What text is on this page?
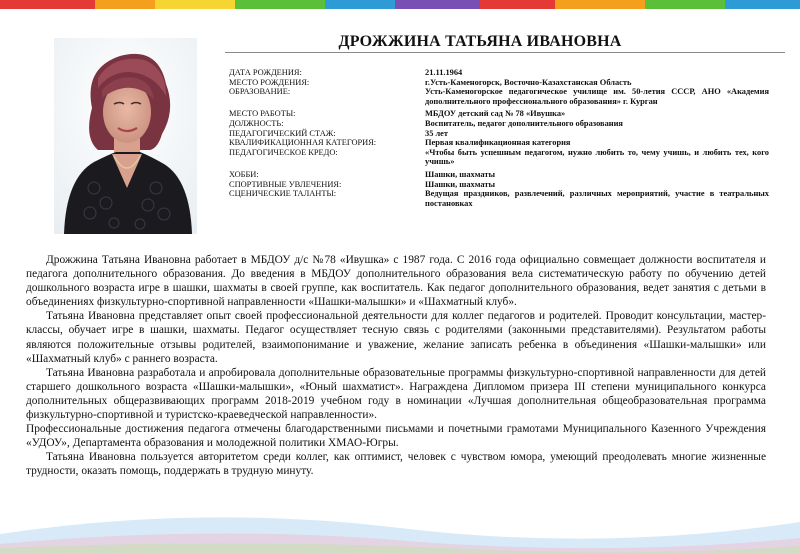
ДРОЖЖИНА ТАТЬЯНА ИВАНОВНА
ДАТА РОЖДЕНИЯ:	21.11.1964
МЕСТО РОЖДЕНИЯ:	г.Усть-Каменогорск, Восточно-Казахстанская Область
ОБРАЗОВАНИЕ:	Усть-Каменогорское педагогическое училище им. 50-летия СССР, АНО «Академия дополнительного профессионального образования» г. Курган
МЕСТО РАБОТЫ:	МБДОУ детский сад № 78 «Ивушка»
ДОЛЖНОСТЬ:	Воспитатель, педагог дополнительного образования
ПЕДАГОГИЧЕСКИЙ СТАЖ:	35 лет
КВАЛИФИКАЦИОННАЯ КАТЕГОРИЯ:	Первая квалификационная категория
ПЕДАГОГИЧЕСКОЕ КРЕДО:	«Чтобы быть успешным педагогом, нужно любить то, чему учишь, и любить тех, кого учишь»
ХОББИ:	Шашки, шахматы
СПОРТИВНЫЕ УВЛЕЧЕНИЯ:	Шашки, шахматы
СЦЕНИЧЕСКИЕ ТАЛАНТЫ:	Ведущая праздников, развлечений, различных мероприятий, участие в театральных постановках

Дрожжина Татьяна Ивановна работает в МБДОУ д/с №78 «Ивушка» с 1987 года. С 2016 года официально совмещает должности воспитателя и педагога дополнительного образования. До введения в МБДОУ дополнительного образования вела систематическую работу по обучению детей дошкольного возраста игре в шашки, шахматы в своей группе, как воспитатель. Как педагог дополнительного образования, ведет занятия с детьми в объединениях физкультурно-спортивной направленности «Шашки-малышки» и «Шахматный клуб».

Татьяна Ивановна представляет опыт своей профессиональной деятельности для коллег педагогов и родителей. Проводит консультации, мастер-классы, обучает игре в шашки, шахматы. Педагог осуществляет тесную связь с родителями (законными представителями). Результатом работы являются положительные отзывы родителей, взаимопонимание и уважение, желание записать ребенка в объединения «Шашки-малышки» или «Шахматный клуб» с раннего возраста.

Татьяна Ивановна разработала и апробировала дополнительные образовательные программы физкультурно-спортивной направленности для детей старшего дошкольного возраста «Шашки-малышки», «Юный шахматист». Награждена Дипломом призера III степени муниципального конкурса дополнительных общеразвивающих программ 2018-2019 учебном году в номинации «Лучшая дополнительная общеобразовательная программа физкультурно-спортивной и туристско-краеведческой направленности».

Профессиональные достижения педагога отмечены благодарственными письмами и почетными грамотами Муниципального Казенного Учреждения «УДОУ», Департамента образования и молодежной политики ХМАО-Югры.

Татьяна Ивановна пользуется авторитетом среди коллег, как оптимист, человек с чувством юмора, умеющий преодолевать многие жизненные трудности, оказать помощь, поддержать в трудную минуту.
